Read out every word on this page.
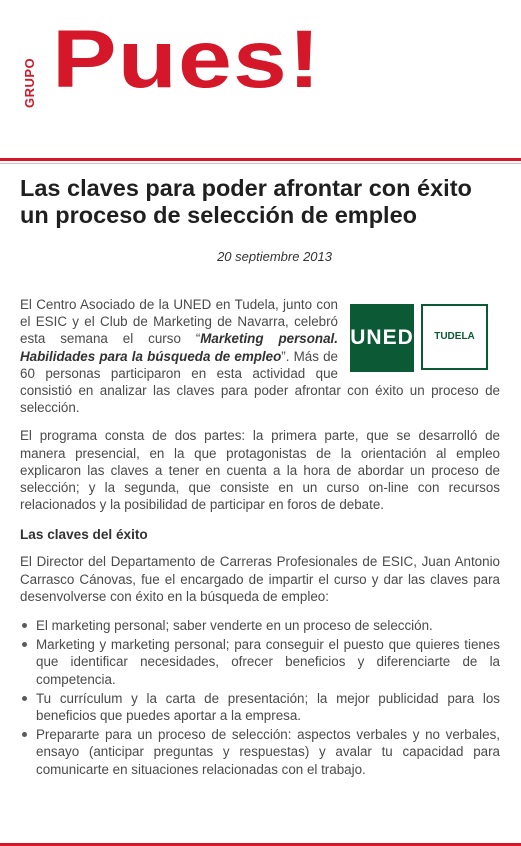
GRUPO Pues!
Las claves para poder afrontar con éxito un proceso de selección de empleo
20 septiembre 2013
UNED	TUDELA
El Centro Asociado de la UNED en Tudela, junto con el ESIC y el Club de Marketing de Navarra, celebró esta semana el curso “Marketing personal. Habilidades para la búsqueda de empleo”. Más de 60 personas participaron en esta actividad que consistió en analizar las claves para poder afrontar con éxito un proceso de selección.

El programa consta de dos partes: la primera parte, que se desarrolló de manera presencial, en la que protagonistas de la orientación al empleo explicaron las claves a tener en cuenta a la hora de abordar un proceso de selección; y la segunda, que consiste en un curso on-line con recursos relacionados y la posibilidad de participar en foros de debate.

Las claves del éxito

El Director del Departamento de Carreras Profesionales de ESIC, Juan Antonio Carrasco Cánovas, fue el encargado de impartir el curso y dar las claves para desenvolverse con éxito en la búsqueda de empleo:

El marketing personal; saber venderte en un proceso de selección.
Marketing y marketing personal; para conseguir el puesto que quieres tienes que identificar necesidades, ofrecer beneficios y diferenciarte de la competencia.
Tu currículum y la carta de presentación; la mejor publicidad para los beneficios que puedes aportar a la empresa.
Prepararte para un proceso de selección: aspectos verbales y no verbales, ensayo (anticipar preguntas y respuestas) y avalar tu capacidad para comunicarte en situaciones relacionadas con el trabajo.
